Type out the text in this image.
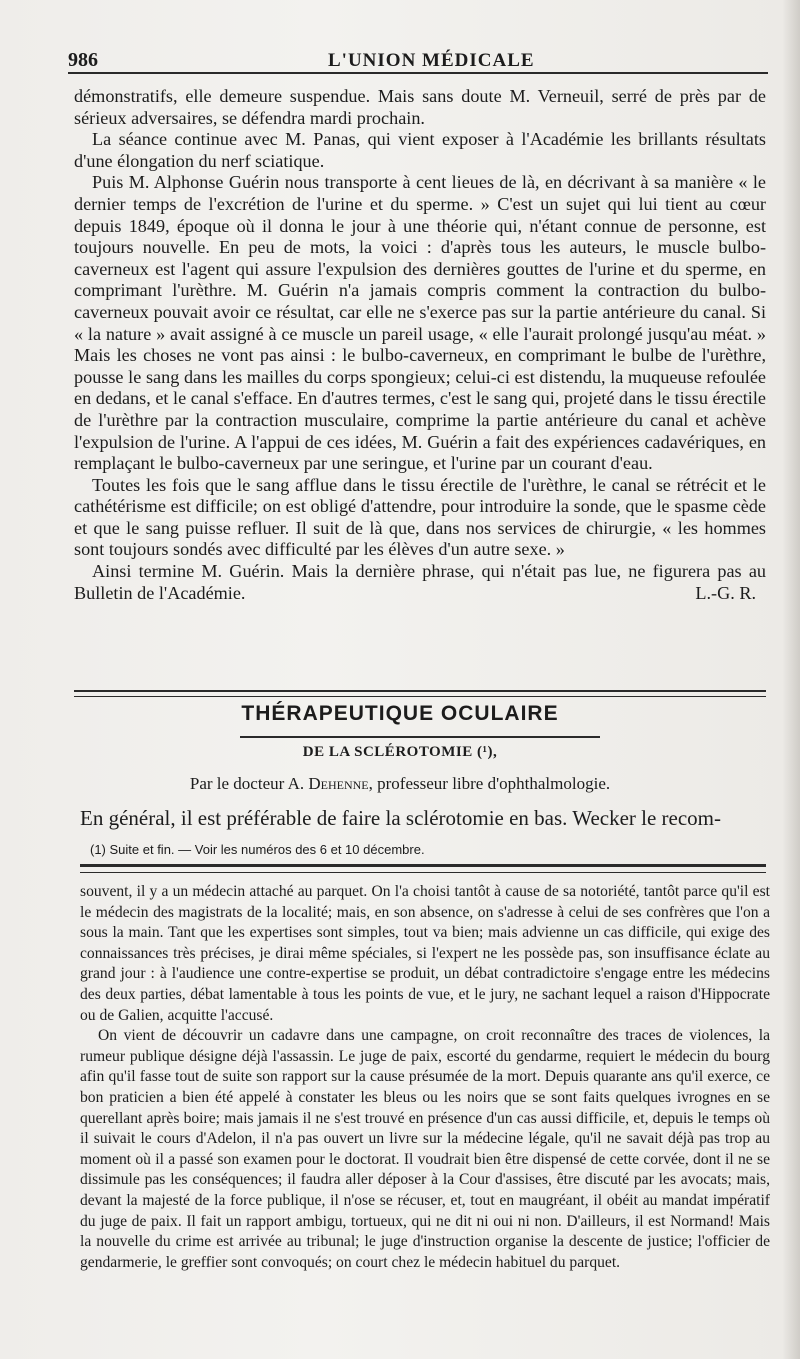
986	L'UNION MÉDICALE

démonstratifs, elle demeure suspendue. Mais sans doute M. Verneuil, serré de près par de sérieux adversaires, se défendra mardi prochain.

La séance continue avec M. Panas, qui vient exposer à l'Académie les brillants résultats d'une élongation du nerf sciatique.

Puis M. Alphonse Guérin nous transporte à cent lieues de là, en décrivant à sa manière « le dernier temps de l'excrétion de l'urine et du sperme. » C'est un sujet qui lui tient au cœur depuis 1849, époque où il donna le jour à une théorie qui, n'étant connue de personne, est toujours nouvelle. En peu de mots, la voici : d'après tous les auteurs, le muscle bulbo-caverneux est l'agent qui assure l'expulsion des dernières gouttes de l'urine et du sperme, en comprimant l'urèthre. M. Guérin n'a jamais compris comment la contraction du bulbo-caverneux pouvait avoir ce résultat, car elle ne s'exerce pas sur la partie antérieure du canal. Si « la nature » avait assigné à ce muscle un pareil usage, « elle l'aurait prolongé jusqu'au méat. » Mais les choses ne vont pas ainsi : le bulbo-caverneux, en comprimant le bulbe de l'urèthre, pousse le sang dans les mailles du corps spongieux; celui-ci est distendu, la muqueuse refoulée en dedans, et le canal s'efface. En d'autres termes, c'est le sang qui, projeté dans le tissu érectile de l'urèthre par la contraction musculaire, comprime la partie antérieure du canal et achève l'expulsion de l'urine. A l'appui de ces idées, M. Guérin a fait des expériences cadavériques, en remplaçant le bulbo-caverneux par une seringue, et l'urine par un courant d'eau.

Toutes les fois que le sang afflue dans le tissu érectile de l'urèthre, le canal se rétrécit et le cathétérisme est difficile; on est obligé d'attendre, pour introduire la sonde, que le spasme cède et que le sang puisse refluer. Il suit de là que, dans nos services de chirurgie, « les hommes sont toujours sondés avec difficulté par les élèves d'un autre sexe. »

Ainsi termine M. Guérin. Mais la dernière phrase, qui n'était pas lue, ne figurera pas au Bulletin de l'Académie.	L.-G. R.

THÉRAPEUTIQUE OCULAIRE
DE LA SCLÉROTOMIE (¹),
Par le docteur A. Dehenne, professeur libre d'ophthalmologie.
En général, il est préférable de faire la sclérotomie en bas. Wecker le recom-
(1) Suite et fin. — Voir les numéros des 6 et 10 décembre.

souvent, il y a un médecin attaché au parquet. On l'a choisi tantôt à cause de sa notoriété, tantôt parce qu'il est le médecin des magistrats de la localité; mais, en son absence, on s'adresse à celui de ses confrères que l'on a sous la main. Tant que les expertises sont simples, tout va bien; mais advienne un cas difficile, qui exige des connaissances très précises, je dirai même spéciales, si l'expert ne les possède pas, son insuffisance éclate au grand jour : à l'audience une contre-expertise se produit, un débat contradictoire s'engage entre les médecins des deux parties, débat lamentable à tous les points de vue, et le jury, ne sachant lequel a raison d'Hippocrate ou de Galien, acquitte l'accusé.

On vient de découvrir un cadavre dans une campagne, on croit reconnaître des traces de violences, la rumeur publique désigne déjà l'assassin. Le juge de paix, escorté du gendarme, requiert le médecin du bourg afin qu'il fasse tout de suite son rapport sur la cause présumée de la mort. Depuis quarante ans qu'il exerce, ce bon praticien a bien été appelé à constater les bleus ou les noirs que se sont faits quelques ivrognes en se querellant après boire; mais jamais il ne s'est trouvé en présence d'un cas aussi difficile, et, depuis le temps où il suivait le cours d'Adelon, il n'a pas ouvert un livre sur la médecine légale, qu'il ne savait déjà pas trop au moment où il a passé son examen pour le doctorat. Il voudrait bien être dispensé de cette corvée, dont il ne se dissimule pas les conséquences; il faudra aller déposer à la Cour d'assises, être discuté par les avocats; mais, devant la majesté de la force publique, il n'ose se récuser, et, tout en maugréant, il obéit au mandat impératif du juge de paix. Il fait un rapport ambigu, tortueux, qui ne dit ni oui ni non. D'ailleurs, il est Normand! Mais la nouvelle du crime est arrivée au tribunal; le juge d'instruction organise la descente de justice; l'officier de gendarmerie, le greffier sont convoqués; on court chez le médecin habituel du parquet.
